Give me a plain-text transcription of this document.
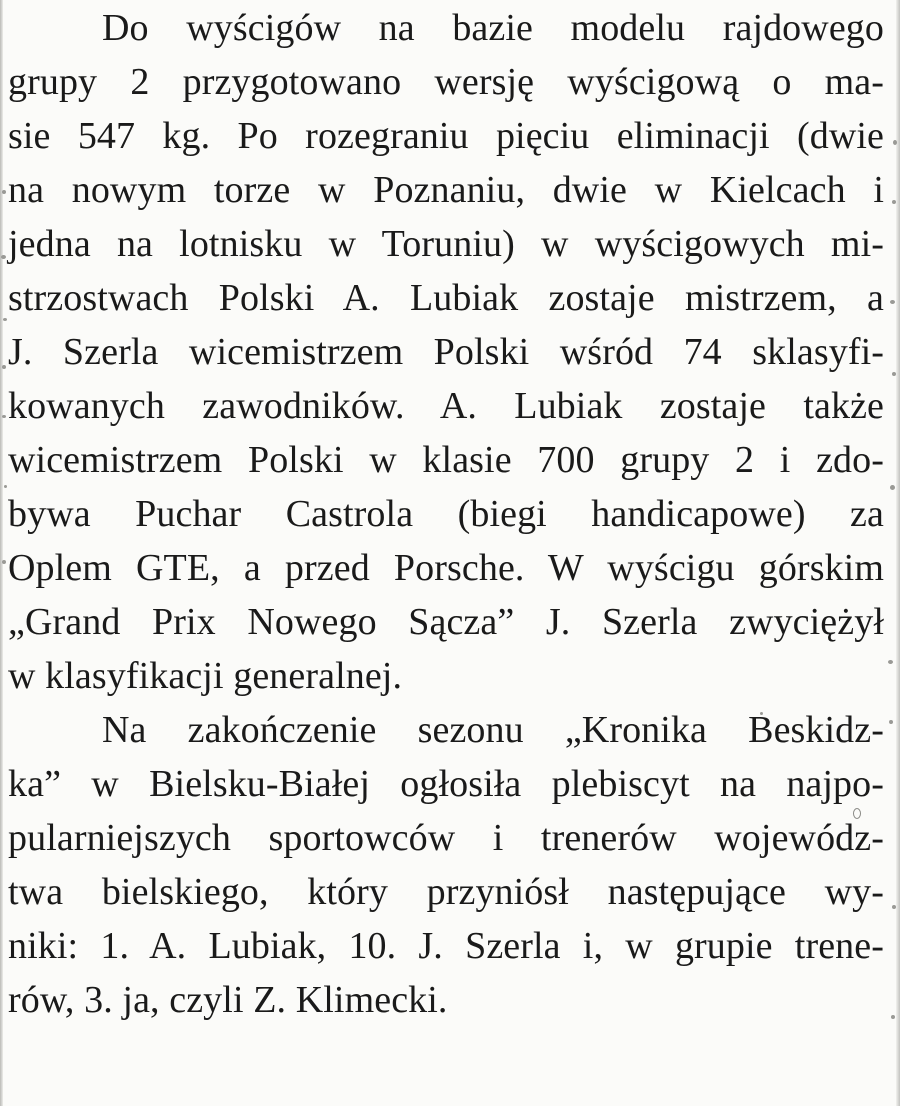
Do wyścigów na bazie modelu rajdowego
grupy 2 przygotowano wersję wyścigową o ma-
sie 547 kg. Po rozegraniu pięciu eliminacji (dwie
na nowym torze w Poznaniu, dwie w Kielcach i
jedna na lotnisku w Toruniu) w wyścigowych mi-
strzostwach Polski A. Lubiak zostaje mistrzem, a
J. Szerla wicemistrzem Polski wśród 74 sklasyfi-
kowanych zawodników. A. Lubiak zostaje także
wicemistrzem Polski w klasie 700 grupy 2 i zdo-
bywa Puchar Castrola (biegi handicapowe) za
Oplem GTE, a przed Porsche. W wyścigu górskim
„Grand Prix Nowego Sącza” J. Szerla zwyciężył
w klasyfikacji generalnej.
Na zakończenie sezonu „Kronika Beskidz-
ka” w Bielsku-Białej ogłosiła plebiscyt na najpo-
pularniejszych sportowców i trenerów wojewódz-
twa bielskiego, który przyniósł następujące wy-
niki: 1. A. Lubiak, 10. J. Szerla i, w grupie trene-
rów, 3. ja, czyli Z. Klimecki.
